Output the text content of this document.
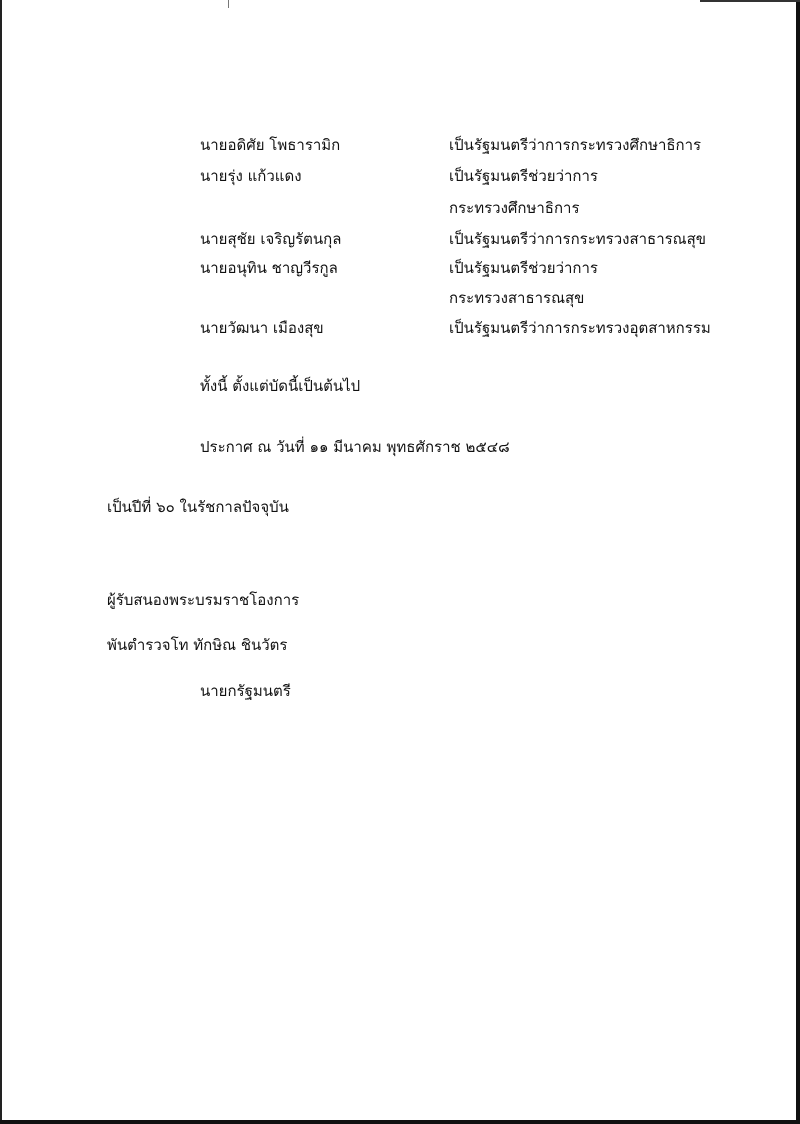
นายอดิศัย โพธารามิก	เป็นรัฐมนตรีว่าการกระทรวงศึกษาธิการ
นายรุ่ง แก้วแดง	เป็นรัฐมนตรีช่วยว่าการ
กระทรวงศึกษาธิการ
นายสุชัย เจริญรัตนกุล	เป็นรัฐมนตรีว่าการกระทรวงสาธารณสุข
นายอนุทิน ชาญวีรกูล	เป็นรัฐมนตรีช่วยว่าการ
กระทรวงสาธารณสุข
นายวัฒนา เมืองสุข	เป็นรัฐมนตรีว่าการกระทรวงอุตสาหกรรม
ทั้งนี้ ตั้งแต่บัดนี้เป็นต้นไป
ประกาศ ณ วันที่ ๑๑ มีนาคม พุทธศักราช ๒๕๔๘
เป็นปีที่ ๖๐ ในรัชกาลปัจจุบัน
ผู้รับสนองพระบรมราชโองการ
พันตำรวจโท ทักษิณ ชินวัตร
นายกรัฐมนตรี
